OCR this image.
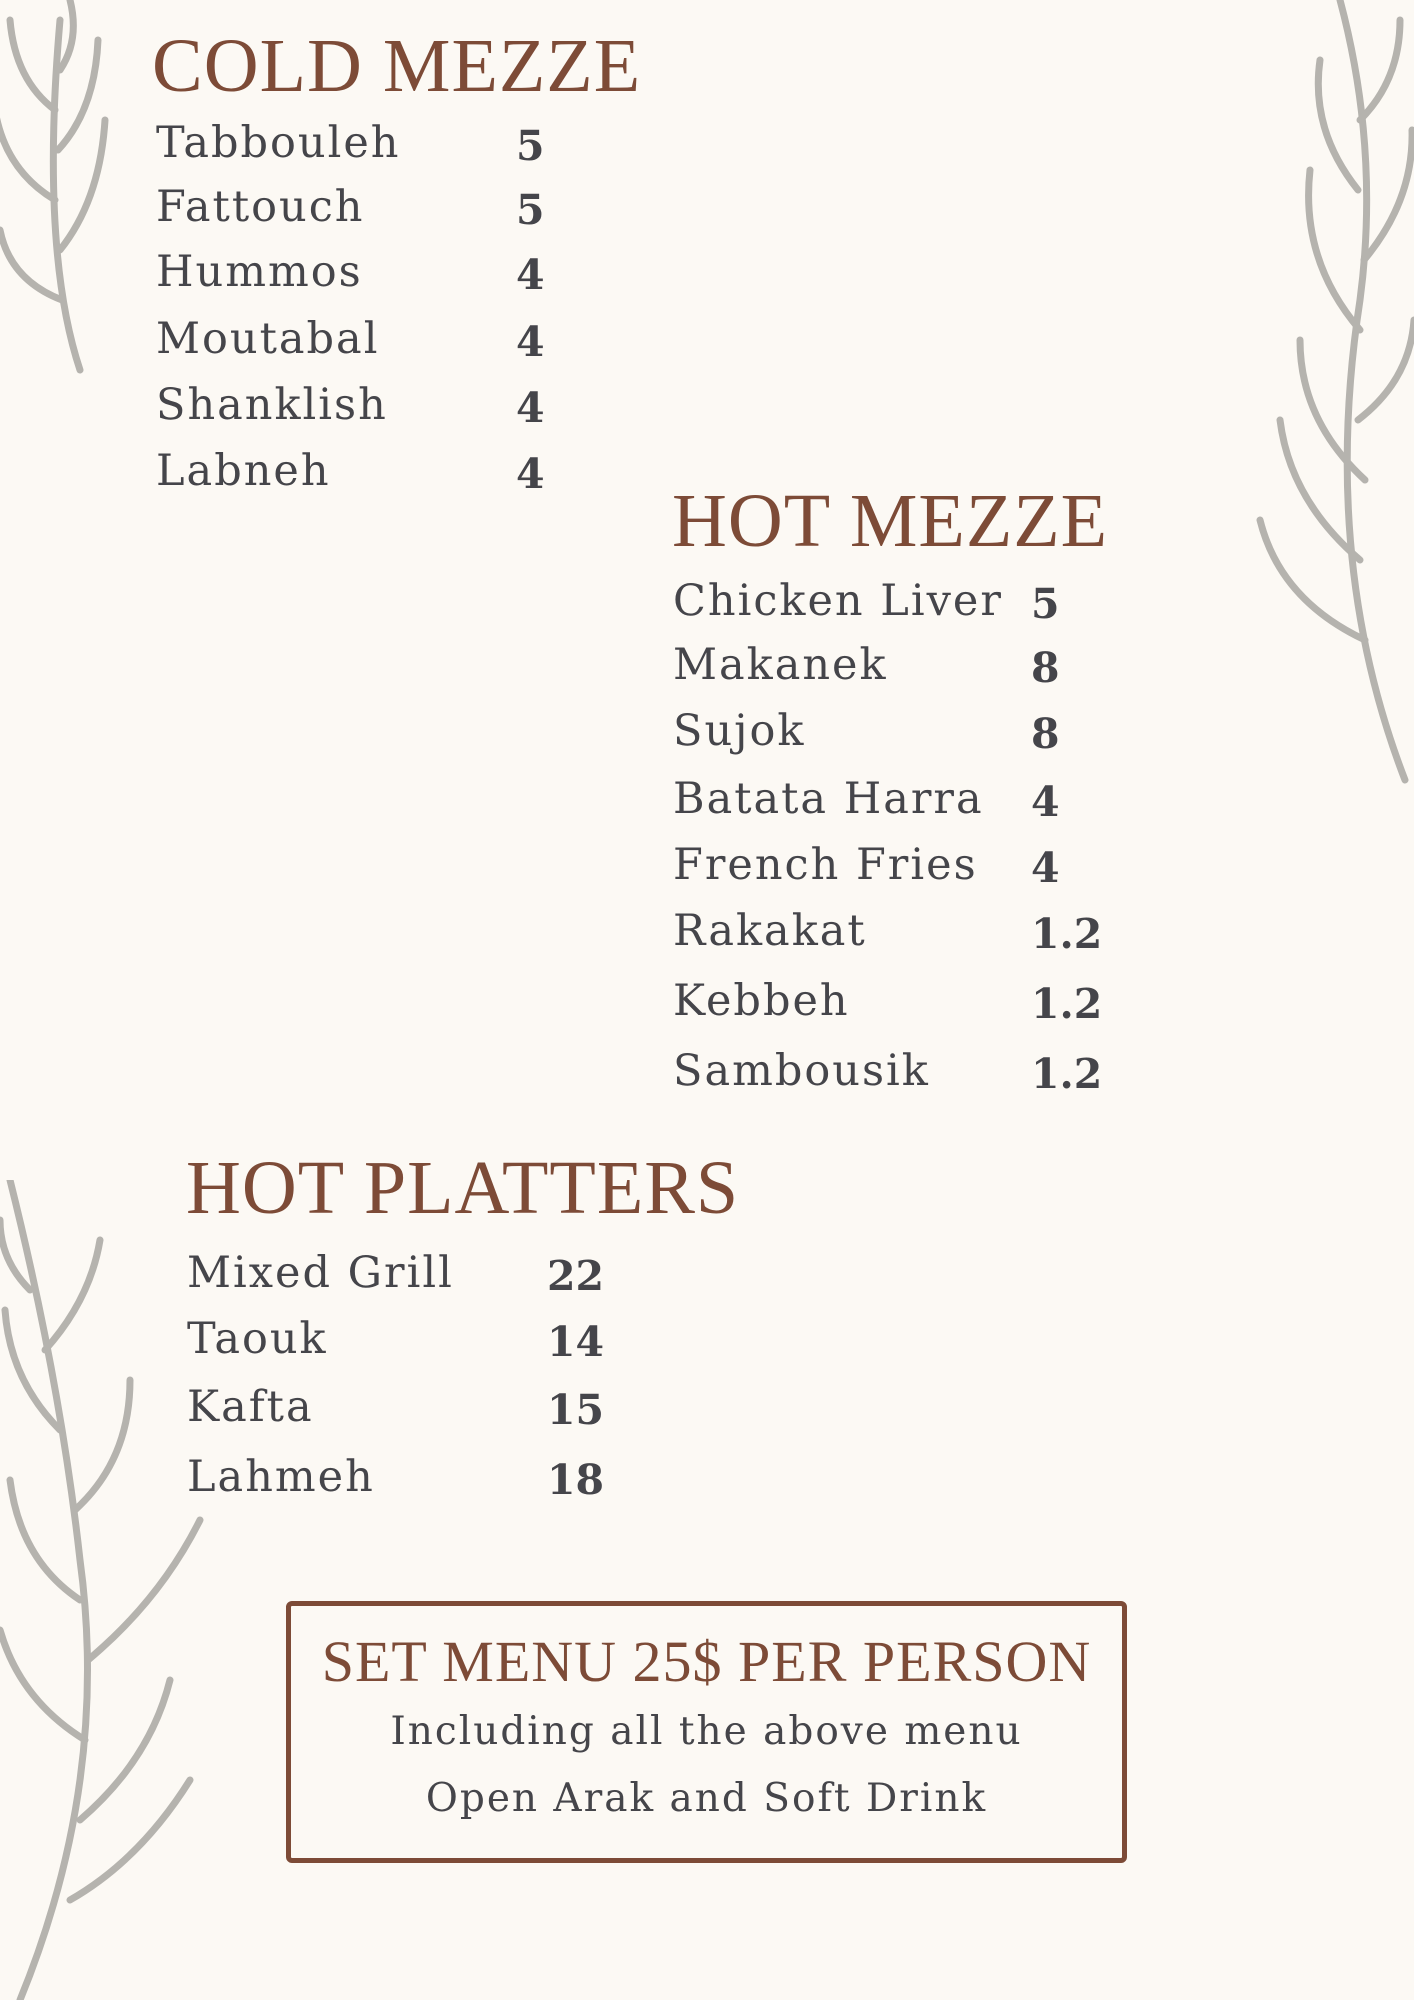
COLD MEZZE
Tabbouleh	5
Fattouch	5
Hummos	4
Moutabal	4
Shanklish	4
Labneh	4
HOT MEZZE
Chicken Liver 5
Makanek	8
Sujok	8
Batata Harra 4
French Fries 4
Rakakat	1.2
Kebbeh	1.2
Sambousik 1.2
HOT PLATTERS
Mixed Grill 22
Taouk	14
Kafta	15
Lahmeh	18
SET MENU 25$ PER PERSON
Including all the above menu
Open Arak and Soft Drink
